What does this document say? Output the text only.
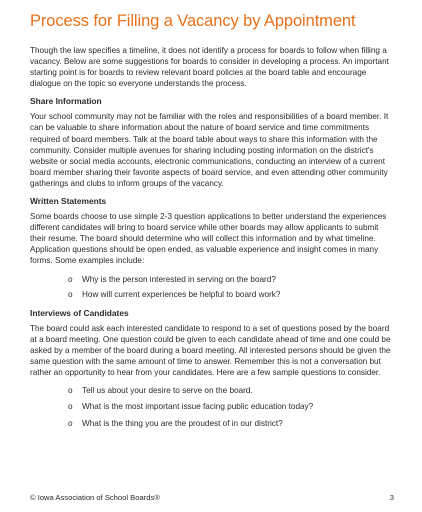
Process for Filling a Vacancy by Appointment

Though the law specifies a timeline, it does not identify a process for boards to follow when filling a vacancy. Below are some suggestions for boards to consider in developing a process. An important starting point is for boards to review relevant board policies at the board table and encourage dialogue on the topic so everyone understands the process.

Share Information

Your school community may not be familiar with the roles and responsibilities of a board member. It can be valuable to share information about the nature of board service and time commitments required of board members. Talk at the board table about ways to share this information with the community. Consider multiple avenues for sharing including posting information on the district's website or social media accounts, electronic communications, conducting an interview of a current board member sharing their favorite aspects of board service, and even attending other community gatherings and clubs to inform groups of the vacancy.

Written Statements

Some boards choose to use simple 2-3 question applications to better understand the experiences different candidates will bring to board service while other boards may allow applicants to submit their resume. The board should determine who will collect this information and by what timeline. Application questions should be open ended, as valuable experience and insight comes in many forms. Some examples include:

o Why is the person interested in serving on the board?
o How will current experiences be helpful to board work?
Interviews of Candidates

The board could ask each interested candidate to respond to a set of questions posed by the board at a board meeting. One question could be given to each candidate ahead of time and one could be asked by a member of the board during a board meeting. All interested persons should be given the same question with the same amount of time to answer. Remember this is not a conversation but rather an opportunity to hear from your candidates. Here are a few sample questions to consider.

o Tell us about your desire to serve on the board.
o What is the most important issue facing public education today?
o What is the thing you are the proudest of in our district?
© Iowa Association of School Boards®	3
